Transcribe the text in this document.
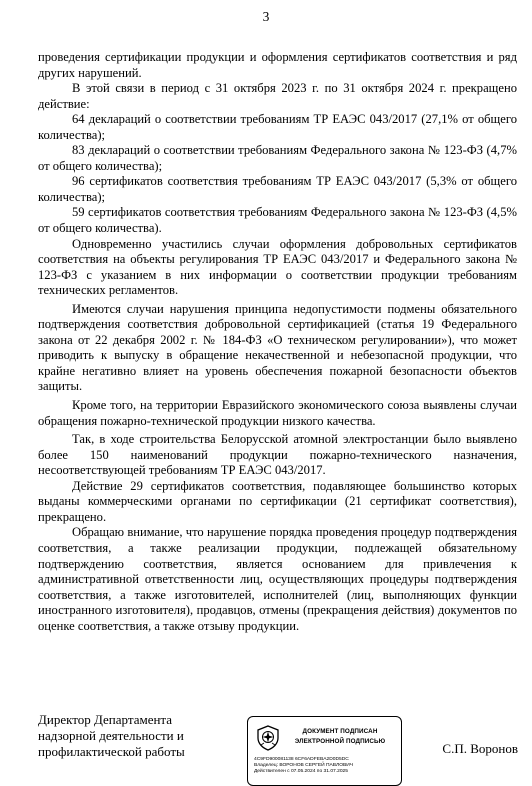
3

проведения сертификации продукции и оформления сертификатов соответствия и ряд других нарушений.

В этой связи в период с 31 октября 2023 г. по 31 октября 2024 г. прекращено действие:

64 деклараций о соответствии требованиям ТР ЕАЭС 043/2017 (27,1% от общего количества);

83 деклараций о соответствии требованиям Федерального закона № 123-ФЗ (4,7% от общего количества);

96 сертификатов соответствия требованиям ТР ЕАЭС 043/2017 (5,3% от общего количества);

59 сертификатов соответствия требованиям Федерального закона № 123-ФЗ (4,5% от общего количества).

Одновременно участились случаи оформления добровольных сертификатов соответствия на объекты регулирования ТР ЕАЭС 043/2017 и Федерального закона № 123-ФЗ с указанием в них информации о соответствии продукции требованиям технических регламентов.

Имеются случаи нарушения принципа недопустимости подмены обязательного подтверждения соответствия добровольной сертификацией (статья 19 Федерального закона от 22 декабря 2002 г. № 184-ФЗ «О техническом регулировании»), что может приводить к выпуску в обращение некачественной и небезопасной продукции, что крайне негативно влияет на уровень обеспечения пожарной безопасности объектов защиты.

Кроме того, на территории Евразийского экономического союза выявлены случаи обращения пожарно-технической продукции низкого качества.

Так, в ходе строительства Белорусской атомной электростанции было выявлено более 150 наименований продукции пожарно-технического назначения, несоответствующей требованиям ТР ЕАЭС 043/2017.

Действие 29 сертификатов соответствия, подавляющее большинство которых выданы коммерческими органами по сертификации (21 сертификат соответствия), прекращено.

Обращаю внимание, что нарушение порядка проведения процедур подтверждения соответствия, а также реализации продукции, подлежащей обязательному подтверждению соответствия, является основанием для привлечения к административной ответственности лиц, осуществляющих процедуры подтверждения соответствия, а также изготовителей, исполнителей (лиц, выполняющих функции иностранного изготовителя), продавцов, отмены (прекращения действия) документов по оценке соответствия, а также отзыву продукции.

Директор Департамента
надзорной деятельности и
профилактической работы
ДОКУМЕНТ ПОДПИСАН
ЭЛЕКТРОННОЙ ПОДПИСЬЮ
4C9FD900081138 6CF6ADFEBA2D0D5DC
Владелец: ВОРОНОВ СЕРГЕЙ ПАВЛОВИЧ
Действителен с 07.05.2024 по 31.07.2025
С.П. Воронов
